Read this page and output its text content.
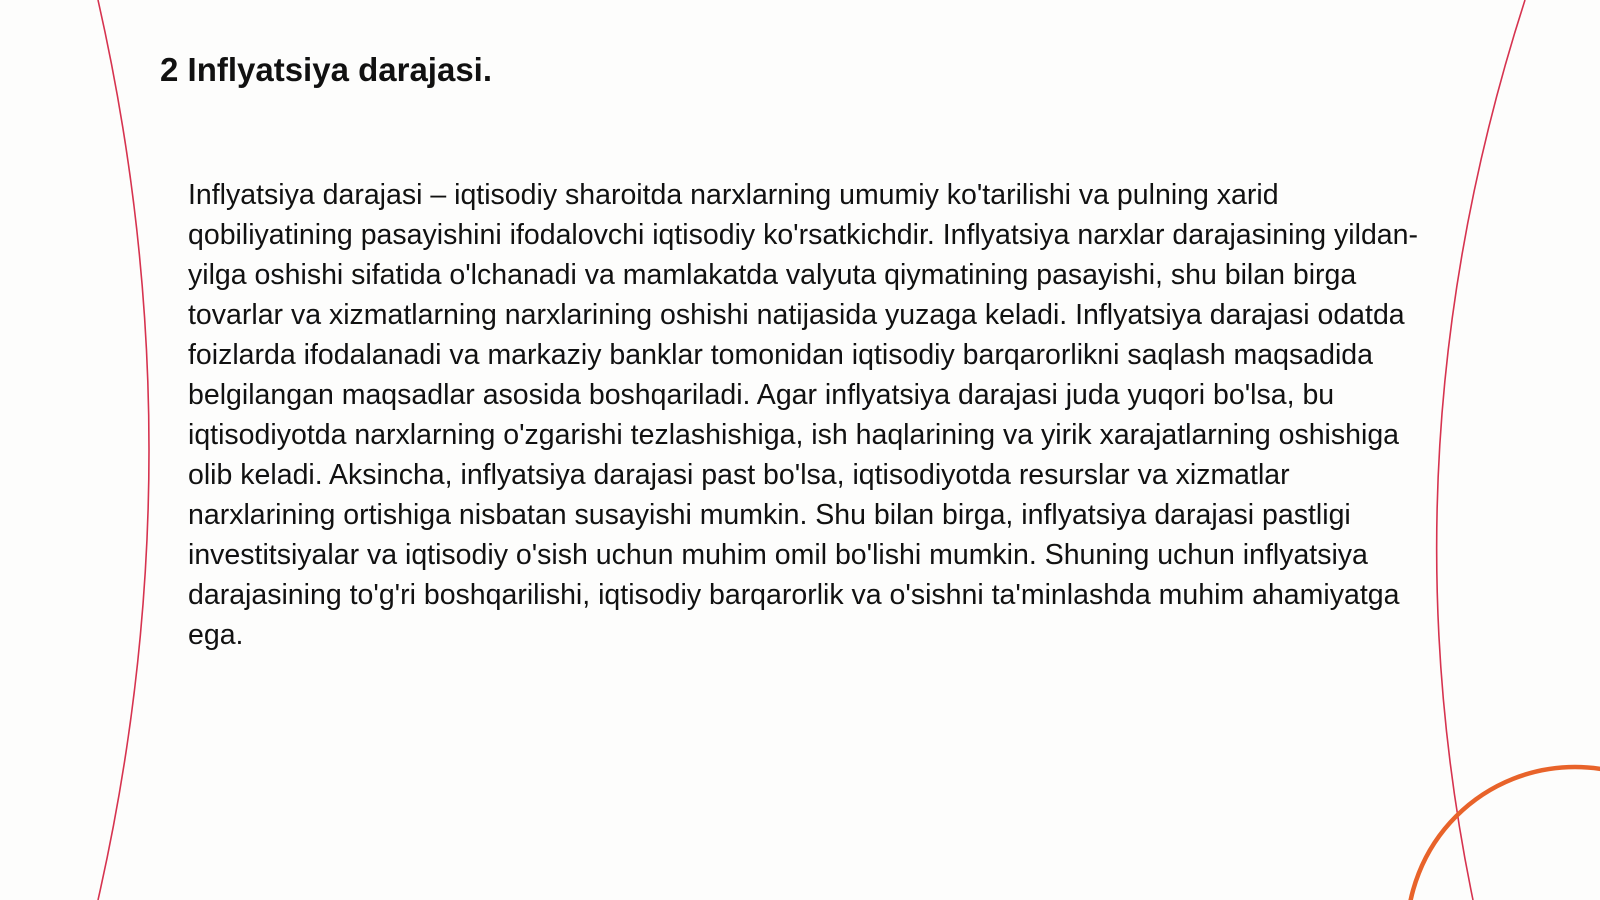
2 Inflyatsiya darajasi.

Inflyatsiya darajasi – iqtisodiy sharoitda narxlarning umumiy ko'tarilishi va pulning xarid qobiliyatining pasayishini ifodalovchi iqtisodiy ko'rsatkichdir. Inflyatsiya narxlar darajasining yildan-yilga oshishi sifatida o'lchanadi va mamlakatda valyuta qiymatining pasayishi, shu bilan birga tovarlar va xizmatlarning narxlarining oshishi natijasida yuzaga keladi. Inflyatsiya darajasi odatda foizlarda ifodalanadi va markaziy banklar tomonidan iqtisodiy barqarorlikni saqlash maqsadida belgilangan maqsadlar asosida boshqariladi. Agar inflyatsiya darajasi juda yuqori bo'lsa, bu iqtisodiyotda narxlarning o'zgarishi tezlashishiga, ish haqlarining va yirik xarajatlarning oshishiga olib keladi. Aksincha, inflyatsiya darajasi past bo'lsa, iqtisodiyotda resurslar va xizmatlar narxlarining ortishiga nisbatan susayishi mumkin. Shu bilan birga, inflyatsiya darajasi pastligi investitsiyalar va iqtisodiy o'sish uchun muhim omil bo'lishi mumkin. Shuning uchun inflyatsiya darajasining to'g'ri boshqarilishi, iqtisodiy barqarorlik va o'sishni ta'minlashda muhim ahamiyatga ega.
